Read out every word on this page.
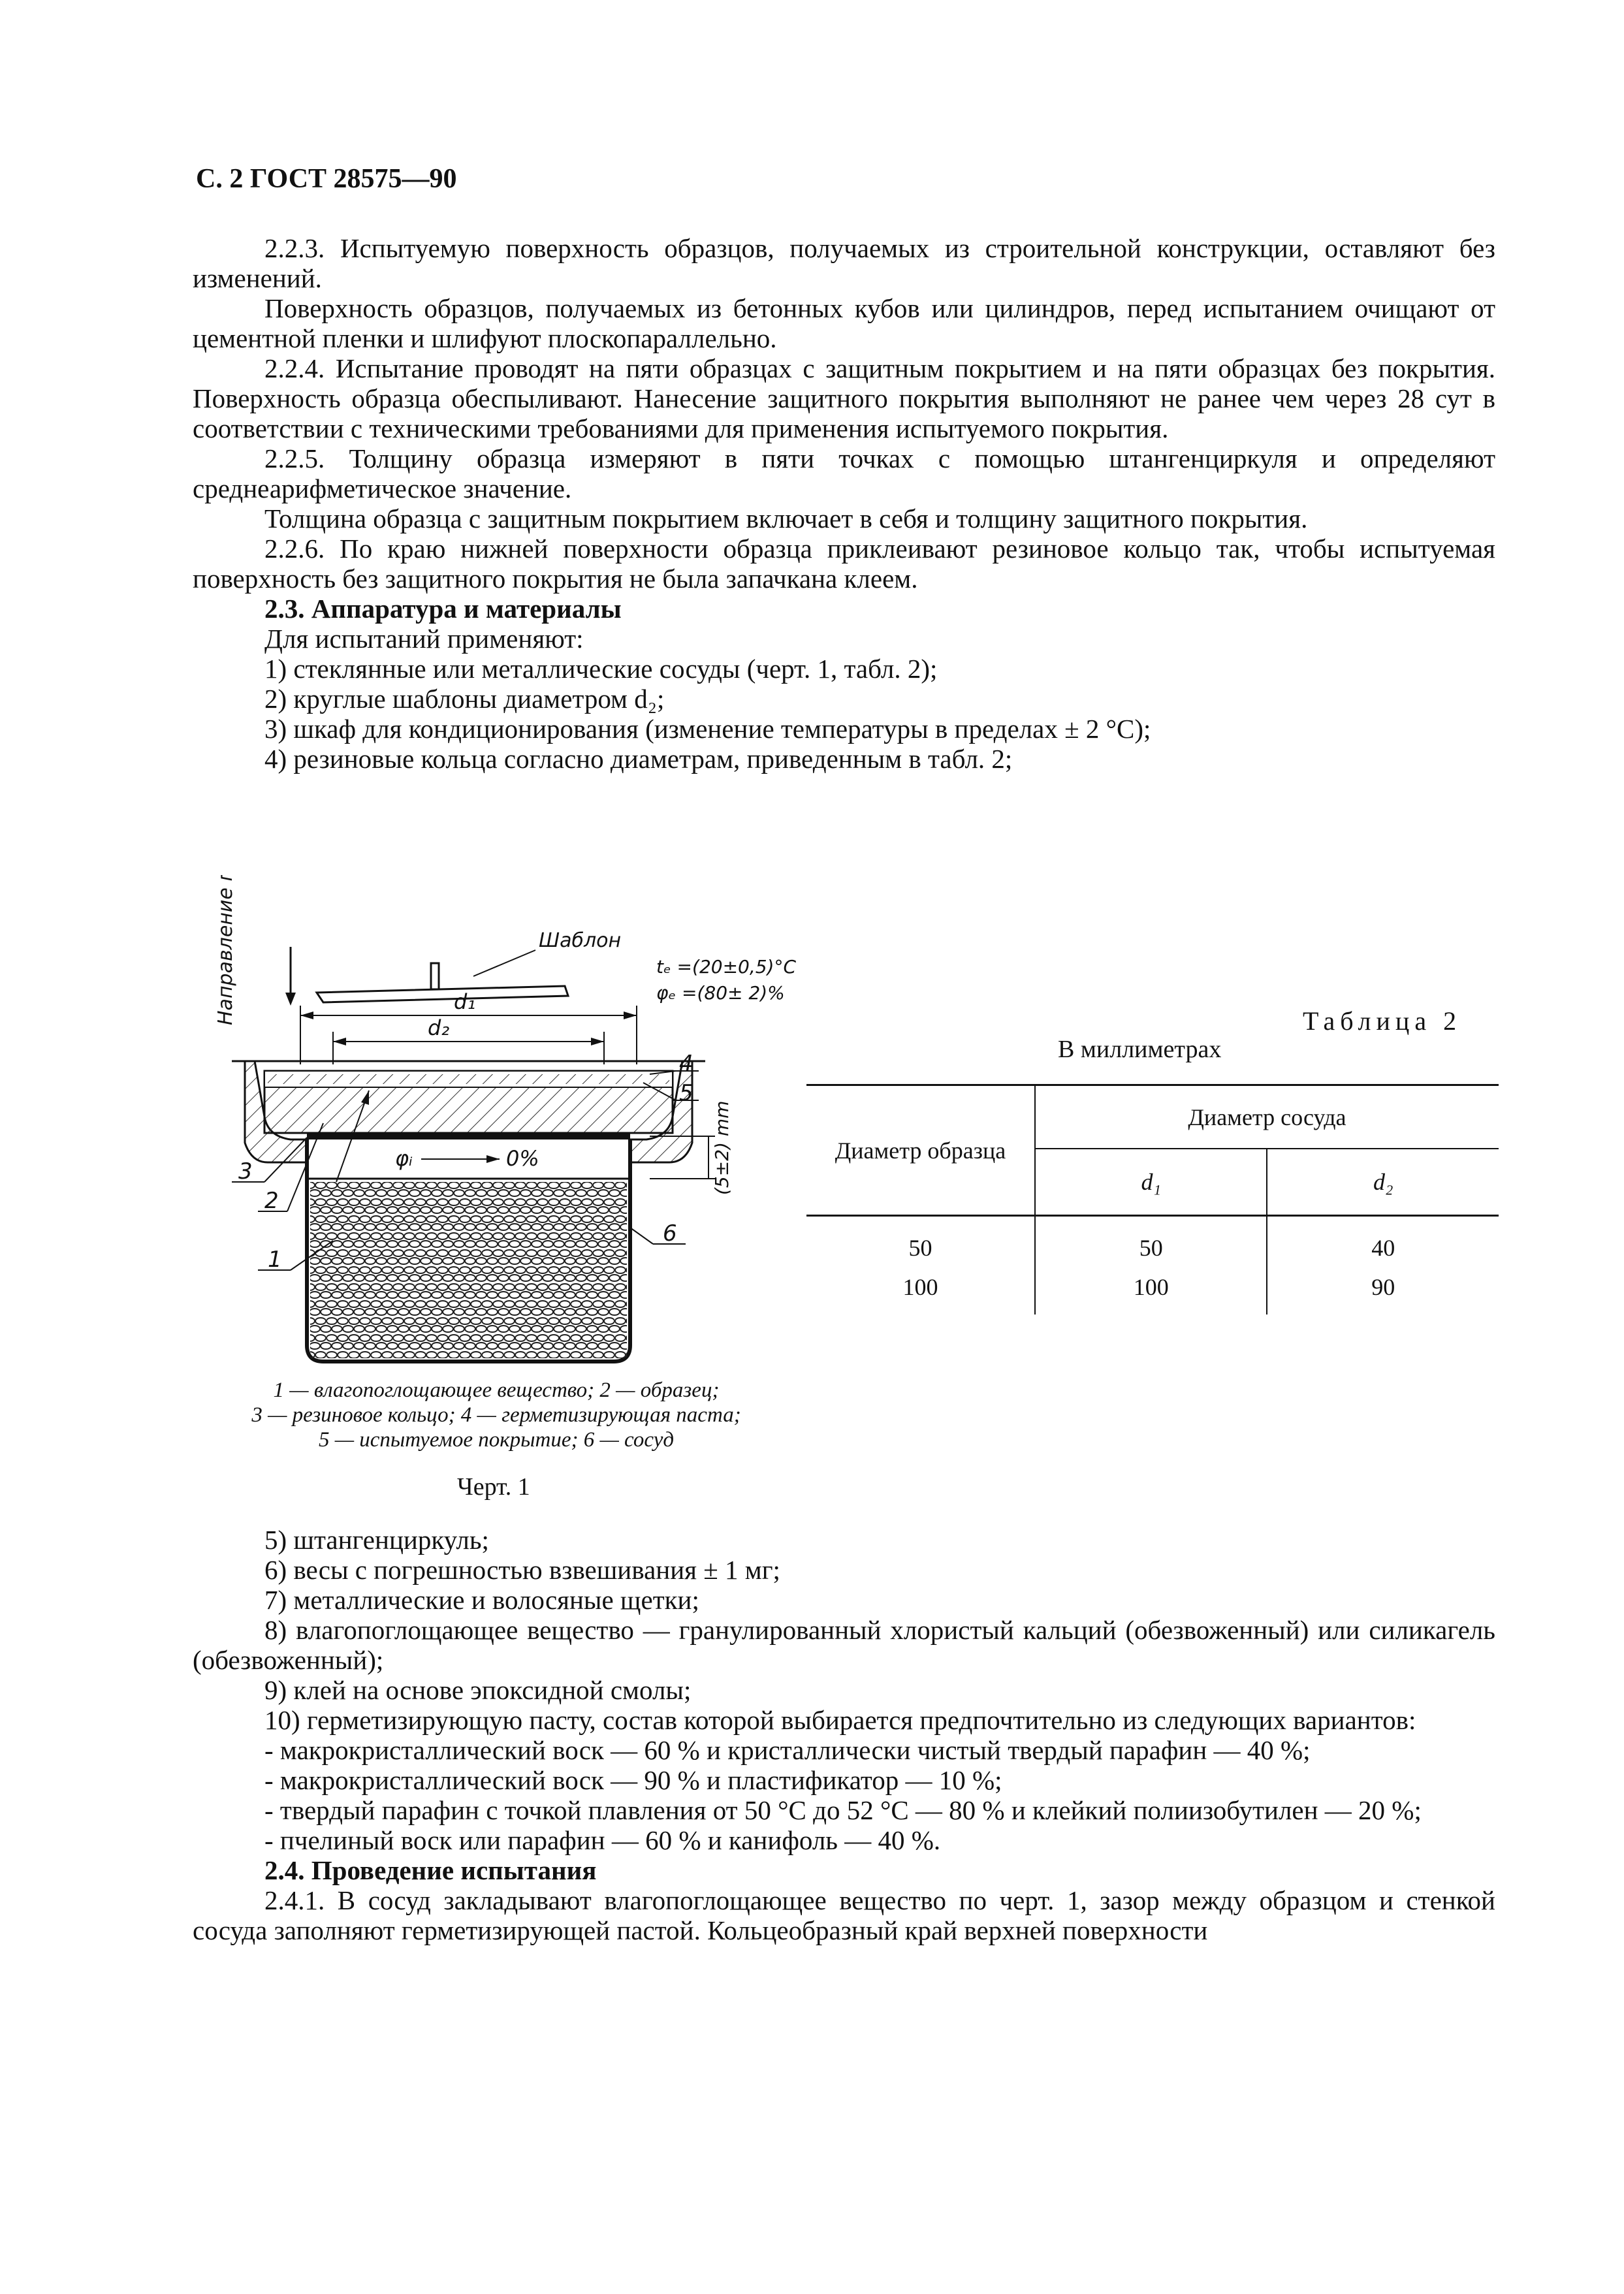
С. 2 ГОСТ 28575—90

2.2.3. Испытуемую поверхность образцов, получаемых из строительной конструкции, оставляют без изменений.

Поверхность образцов, получаемых из бетонных кубов или цилиндров, перед испытанием очищают от цементной пленки и шлифуют плоскопараллельно.

2.2.4. Испытание проводят на пяти образцах с защитным покрытием и на пяти образцах без покрытия. Поверхность образца обеспыливают. Нанесение защитного покрытия выполняют не ранее чем через 28 сут в соответствии с техническими требованиями для применения испытуемого покрытия.

2.2.5. Толщину образца измеряют в пяти точках с помощью штангенциркуля и определяют среднеарифметическое значение.

Толщина образца с защитным покрытием включает в себя и толщину защитного покрытия.

2.2.6. По краю нижней поверхности образца приклеивают резиновое кольцо так, чтобы испытуемая поверхность без защитного покрытия не была запачкана клеем.

2.3. Аппаратура и материалы

Для испытаний применяют:

1) стеклянные или металлические сосуды (черт. 1, табл. 2);

2) круглые шаблоны диаметром d₂;

3) шкаф для кондиционирования (изменение температуры в пределах ± 2 °С);

4) резиновые кольца согласно диаметрам, приведенным в табл. 2;

Направление потока пара	Шаблон
tₑ =(20±0,5)°C
φₑ =(80± 2)%
d₁
d₂
φᵢ	0%	(5±2) mm
4
5
6
3
2
1
1 — влагопоглощающее вещество; 2 — образец;
3 — резиновое кольцо; 4 — герметизирующая паста;
5 — испытуемое покрытие; 6 — сосуд
Черт. 1
Таблица 2
В миллиметрах
Диаметр образца	Диаметр сосуда	
	d₁	d₂
50	50	40
100	100	90

5) штангенциркуль;

6) весы с погрешностью взвешивания ± 1 мг;

7) металлические и волосяные щетки;

8) влагопоглощающее вещество — гранулированный хлористый кальций (обезвоженный) или силикагель (обезвоженный);

9) клей на основе эпоксидной смолы;

10) герметизирующую пасту, состав которой выбирается предпочтительно из следующих вариантов:

- макрокристаллический воск — 60 % и кристаллически чистый твердый парафин — 40 %;

- макрокристаллический воск — 90 % и пластификатор — 10 %;

- твердый парафин с точкой плавления от 50 °С до 52 °С — 80 % и клейкий полиизобутилен — 20 %;

- пчелиный воск или парафин — 60 % и канифоль — 40 %.

2.4. Проведение испытания

2.4.1. В сосуд закладывают влагопоглощающее вещество по черт. 1, зазор между образцом и стенкой сосуда заполняют герметизирующей пастой. Кольцеобразный край верхней поверхности
